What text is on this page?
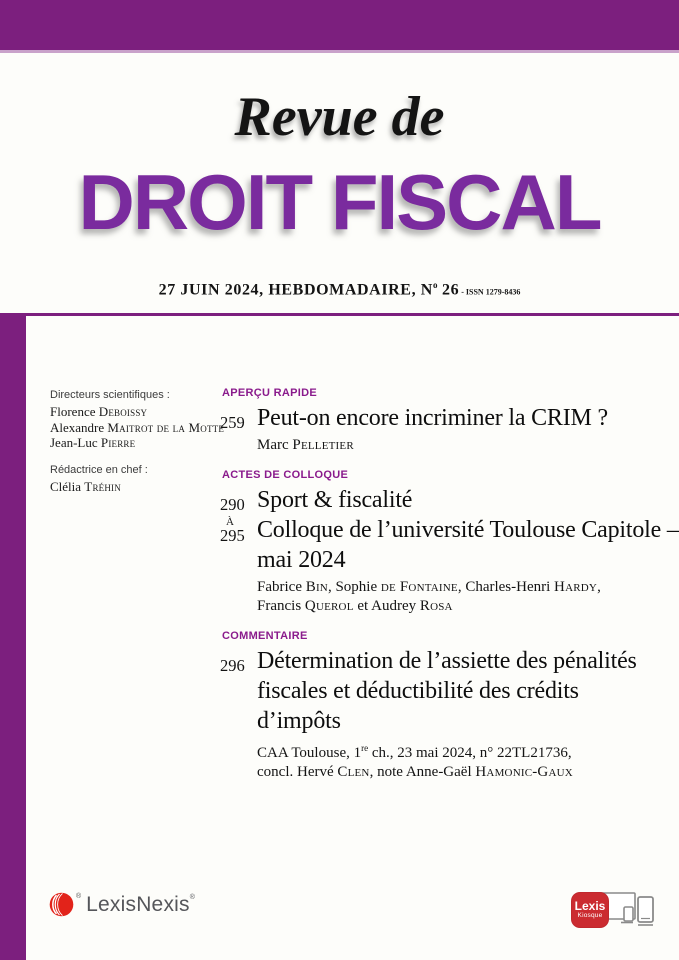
Revue de
DROIT FISCAL
27 JUIN 2024, HEBDOMADAIRE, $N^o$ 26 - ISSN 1279-8436
Directeurs scientifiques :
Florence Deboissy
Alexandre Maitrot de la Motte
Jean-Luc Pierre
Rédactrice en chef :
Clélia Tréhin
APERÇU RAPIDE
259 Peut-on encore incriminer la CRIM ?
Marc Pelletier
ACTES DE COLLOQUE
290
À
295
Sport & fiscalité
Colloque de l’université Toulouse Capitole –
mai 2024
Fabrice Bin, Sophie de Fontaine, Charles-Henri Hardy,
Francis Querol et Audrey Rosa
COMMENTAIRE
296 Détermination de l’assiette des pénalités
fiscales et déductibilité des crédits
d’impôts
CAA Toulouse, 1re ch., 23 mai 2024, n° 22TL21736,
concl. Hervé Clen, note Anne-Gaël Hamonic-Gaux
® LexisNexis ®
Lexis
Kiosque
